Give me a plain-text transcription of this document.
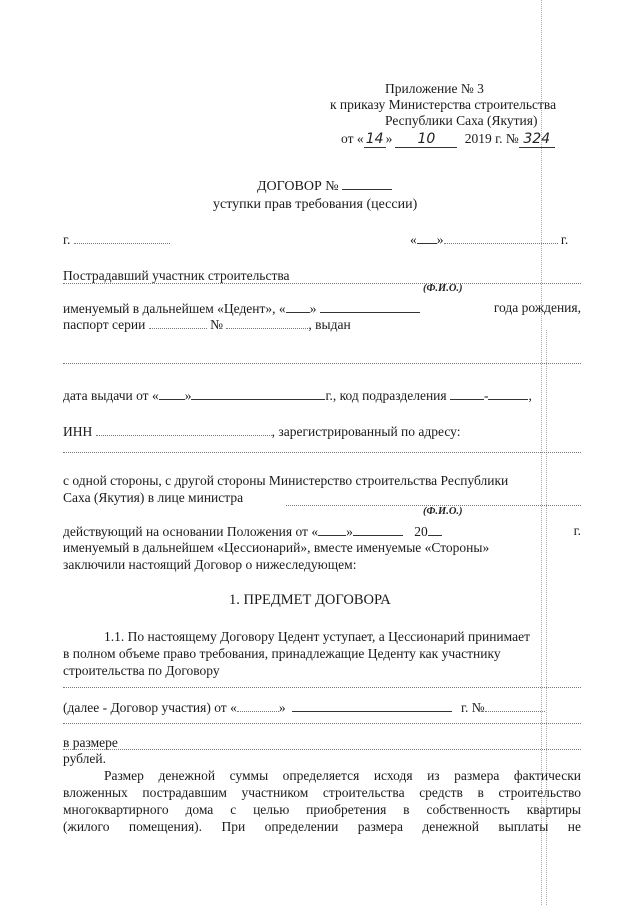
Приложение № 3
к приказу Министерства строительства
Республики Саха (Якутия)
от « 14 » 10 2019 г. № 324
ДОГОВОР №
уступки прав требования (цессии)
г.	« »	г.
Пострадавший участник строительства
(Ф.И.О.)
именуемый в дальнейшем «Цедент», « »	года рождения,
паспорт серии	№	, выдан
дата выдачи от « »	г., код подразделения	-	,
ИНН	, зарегистрированный по адресу:
с одной стороны, с другой стороны Министерство строительства Республики
Саха (Якутия) в лице министра
(Ф.И.О.)
действующий на основании Положения от « »	20	г.
именуемый в дальнейшем «Цессионарий», вместе именуемые «Стороны»
заключили настоящий Договор о нижеследующем:
1. ПРЕДМЕТ ДОГОВОРА
1.1. По настоящему Договору Цедент уступает, а Цессионарий принимает
в полном объеме право требования, принадлежащие Цеденту как участнику
строительства по Договору
(далее - Договор участия) от «	»	г. №
в размере
рублей.
Размер денежной суммы определяется исходя из размера фактически
вложенных пострадавшим участником строительства средств в строительство
многоквартирного дома с целью приобретения в собственность квартиры
(жилого помещения). При определении размера денежной выплаты не
